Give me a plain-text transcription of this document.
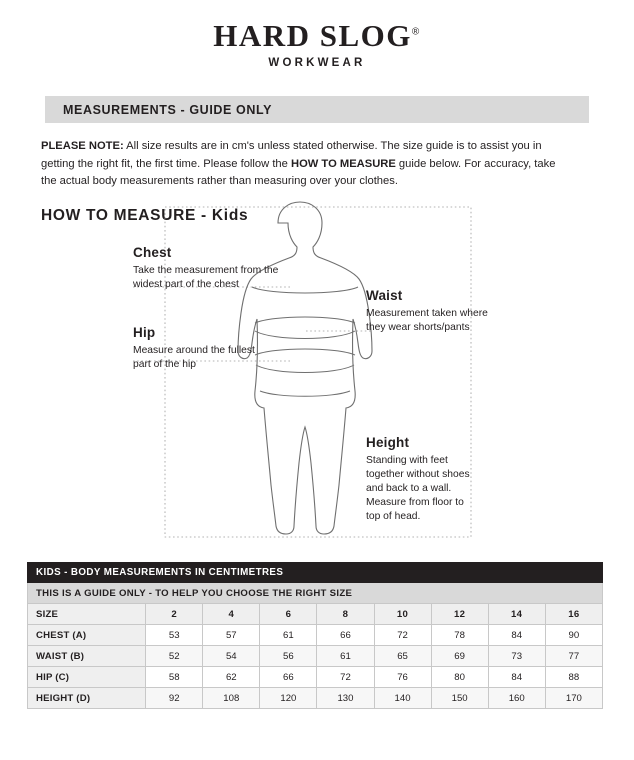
HARD SLOG®
WORKWEAR
MEASUREMENTS - GUIDE ONLY
PLEASE NOTE: All size results are in cm's unless stated otherwise. The size guide is to assist you in getting the right fit, the first time. Please follow the HOW TO MEASURE guide below. For accuracy, take the actual body measurements rather than measuring over your clothes.
HOW TO MEASURE - Kids
Chest
Take the measurement from the widest part of the chest
Hip
Measure around the fullest part of the hip
Waist
Measurement taken where they wear shorts/pants
Height
Standing with feet together without shoes and back to a wall. Measure from floor to top of head.
KIDS - BODY MEASUREMENTS IN CENTIMETRES								
THIS IS A GUIDE ONLY - TO HELP YOU CHOOSE THE RIGHT SIZE								
SIZE	2	4	6	8	10	12	14	16
CHEST (A)	53	57	61	66	72	78	84	90
WAIST (B)	52	54	56	61	65	69	73	77
HIP (C)	58	62	66	72	76	80	84	88
HEIGHT (D)	92	108	120	130	140	150	160	170
